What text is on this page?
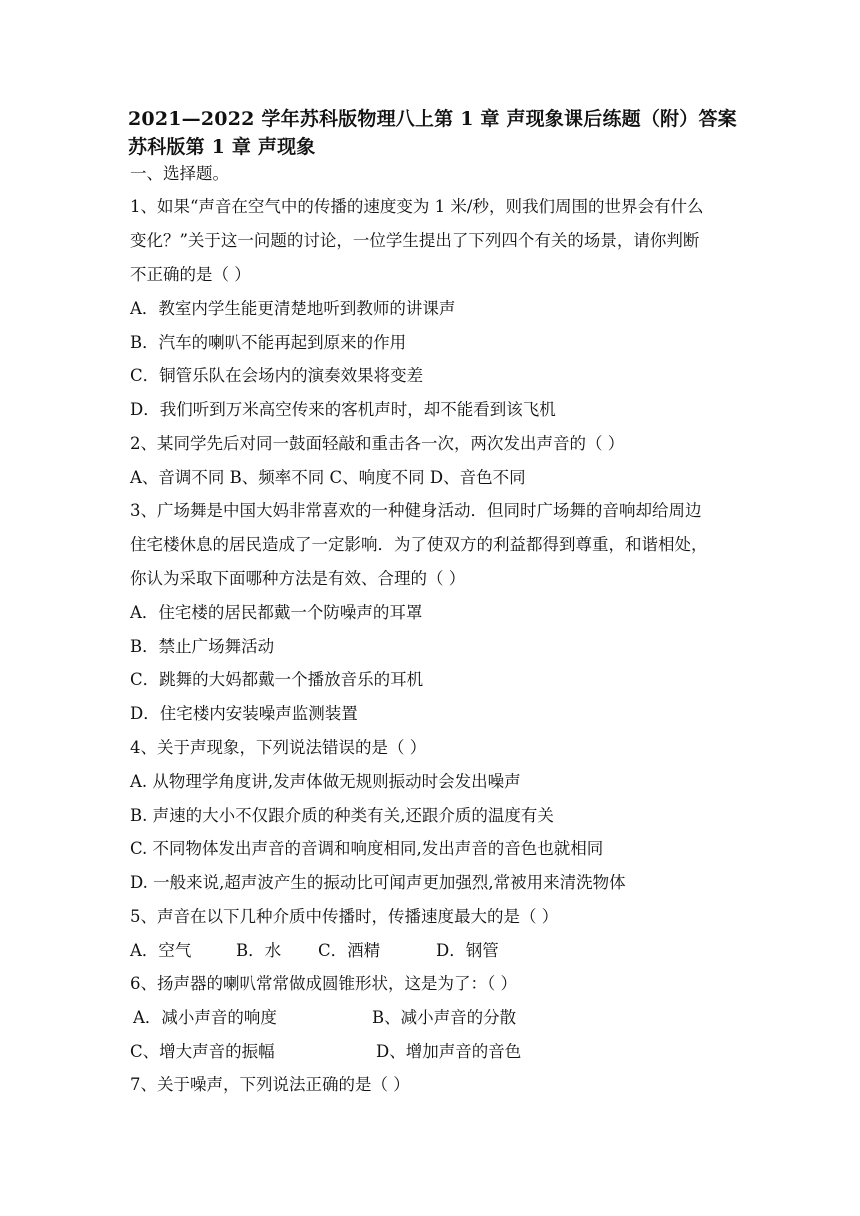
2021—2022 学年苏科版物理八上第 1 章 声现象课后练题（附）答案
苏科版第 1 章 声现象
一、选择题。
1、如果“声音在空气中的传播的速度变为 1 米/秒，则我们周围的世界会有什么
变化？”关于这一问题的讨论，一位学生提出了下列四个有关的场景，请你判断
不正确的是（ ）
A．教室内学生能更清楚地听到教师的讲课声
B．汽车的喇叭不能再起到原来的作用
C．铜管乐队在会场内的演奏效果将变差
D．我们听到万米高空传来的客机声时，却不能看到该飞机
2、某同学先后对同一鼓面轻敲和重击各一次，两次发出声音的（ ）
A、音调不同 B、频率不同 C、响度不同 D、音色不同
3、广场舞是中国大妈非常喜欢的一种健身活动．但同时广场舞的音响却给周边
住宅楼休息的居民造成了一定影响．为了使双方的利益都得到尊重，和谐相处，
你认为采取下面哪种方法是有效、合理的（ ）
A．住宅楼的居民都戴一个防噪声的耳罩
B．禁止广场舞活动
C．跳舞的大妈都戴一个播放音乐的耳机
D．住宅楼内安装噪声监测装置
4、关于声现象，下列说法错误的是（ ）
A. 从物理学角度讲,发声体做无规则振动时会发出噪声
B. 声速的大小不仅跟介质的种类有关,还跟介质的温度有关
C. 不同物体发出声音的音调和响度相同,发出声音的音色也就相同
D. 一般来说,超声波产生的振动比可闻声更加强烈,常被用来清洗物体
5、声音在以下几种介质中传播时，传播速度最大的是（ ）
A．空气	B．水 C．酒精	D．钢管
6、扬声器的喇叭常常做成圆锥形状，这是为了：（ ）
A．减小声音的响度	B、减小声音的分散
C、增大声音的振幅	D、增加声音的音色
7、关于噪声，下列说法正确的是（ ）
